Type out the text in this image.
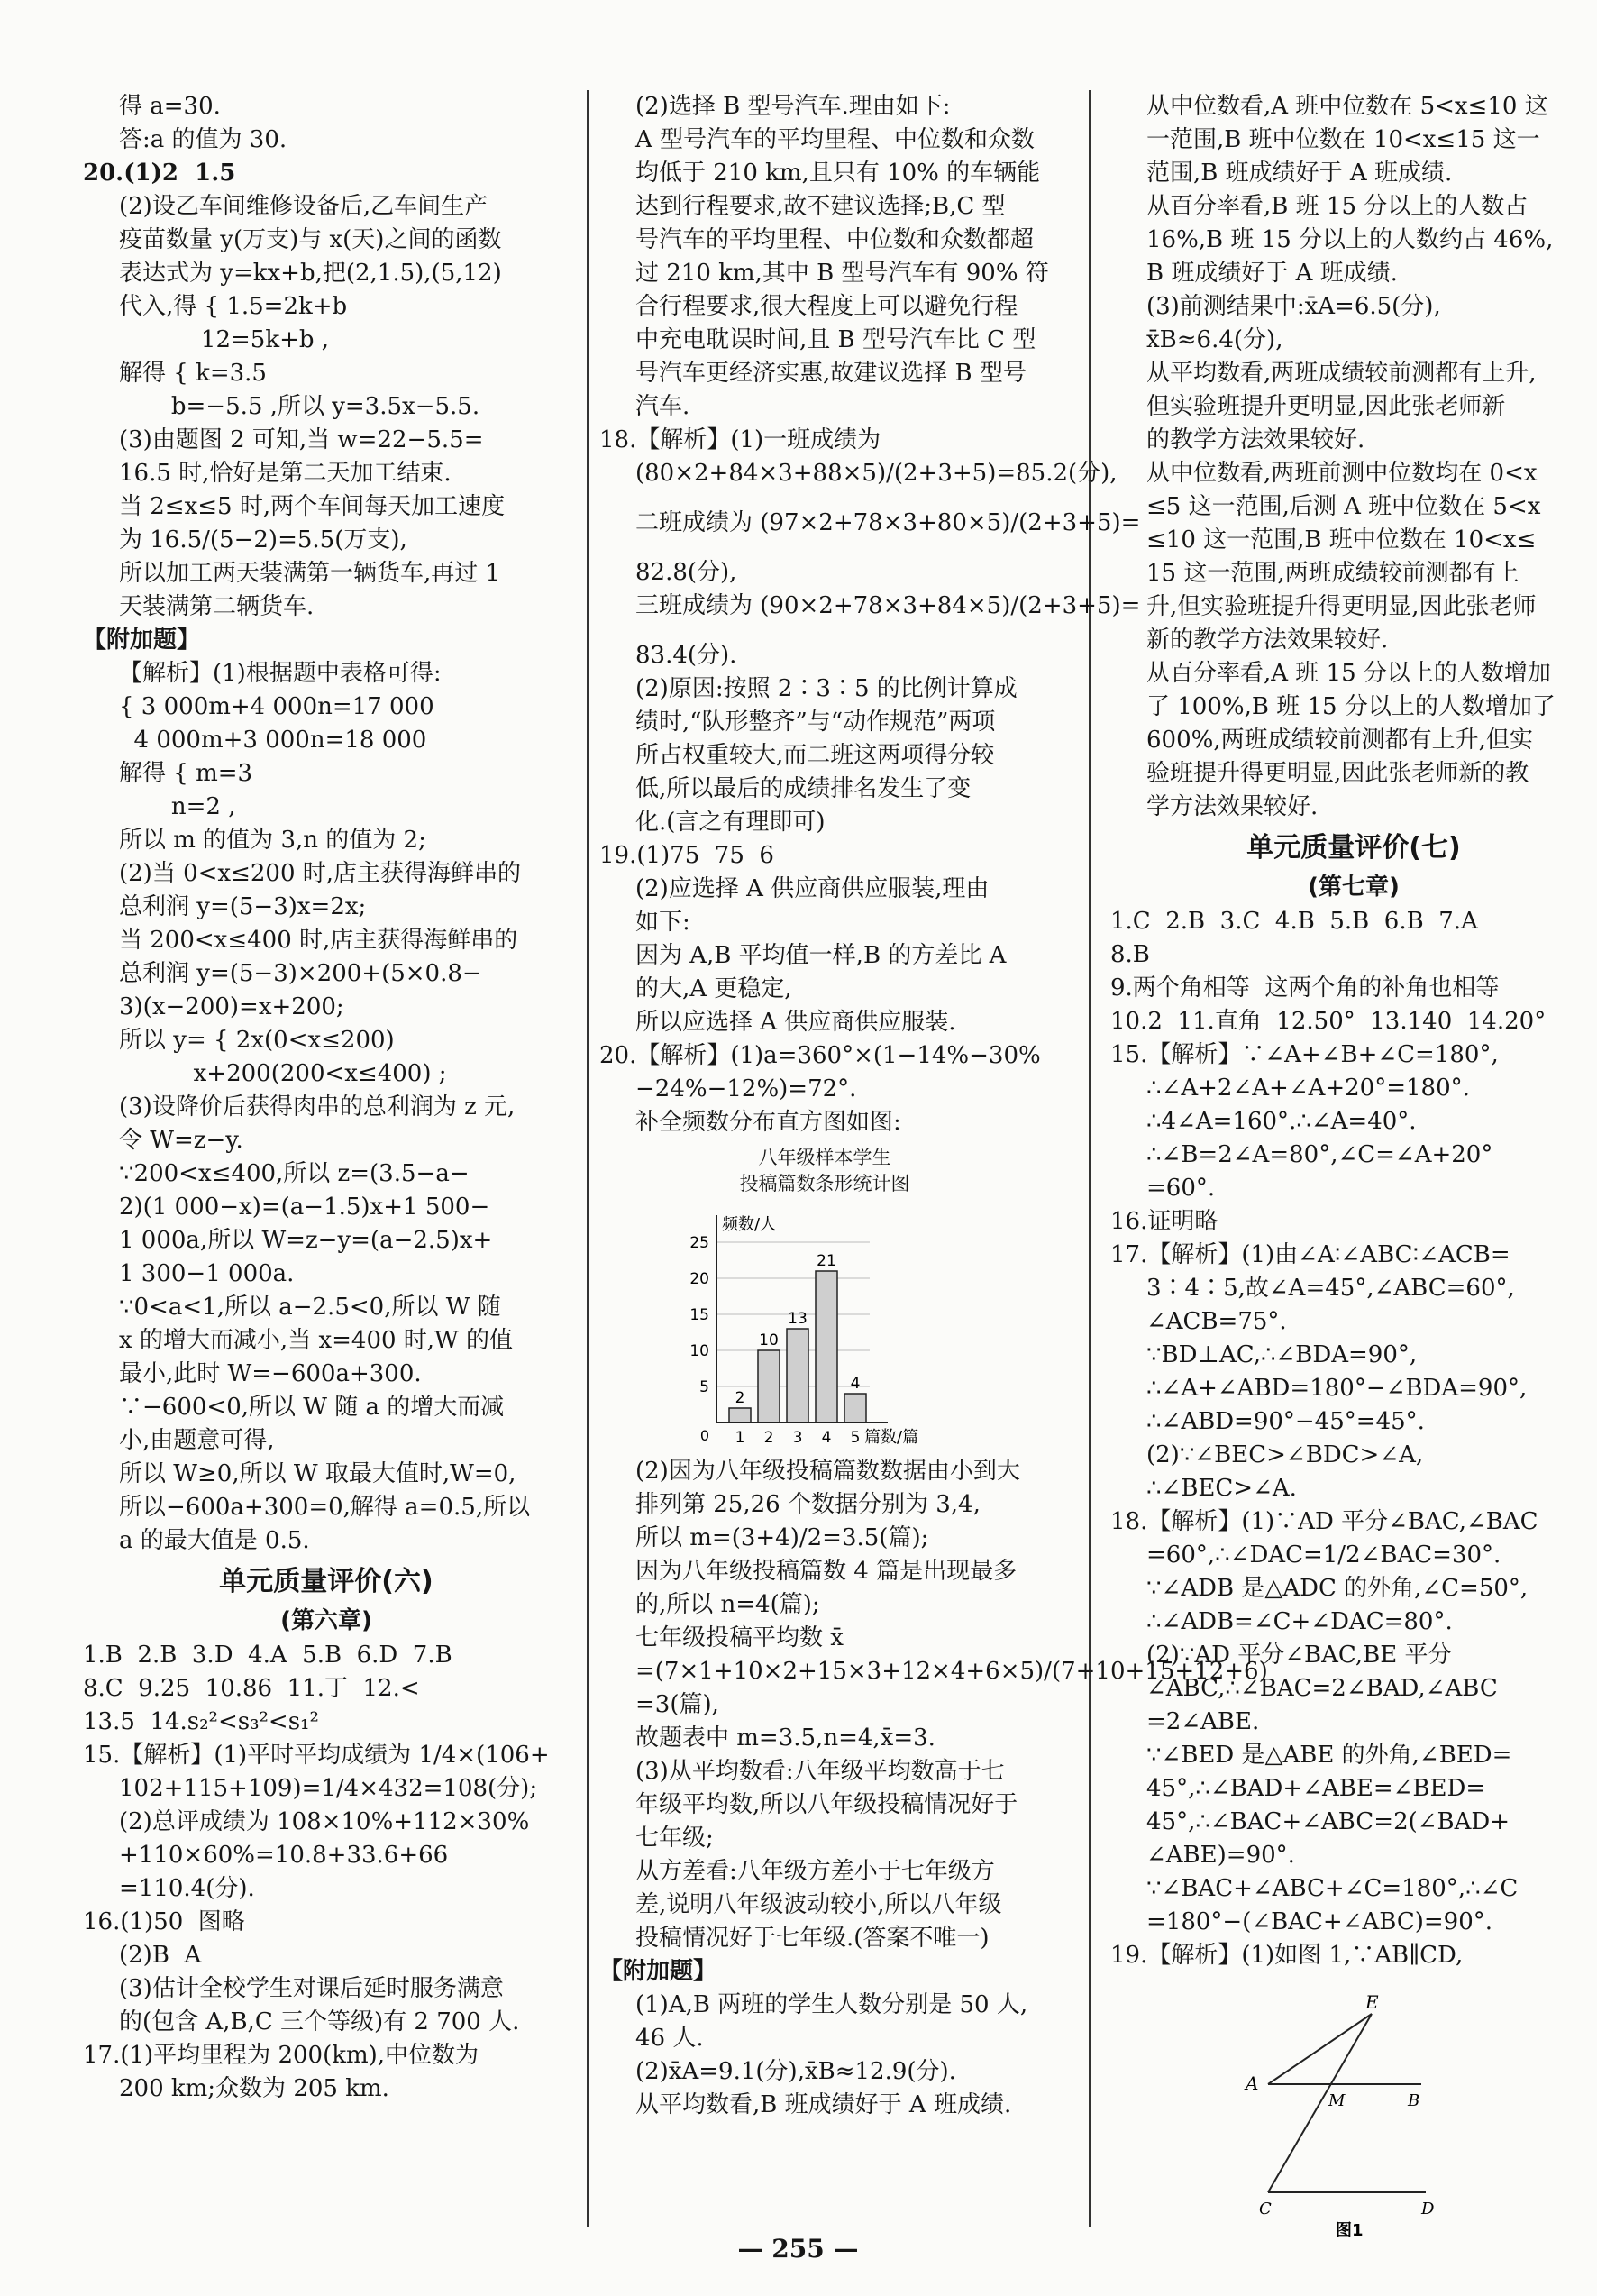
得 a=30.
答:a 的值为 30.
20.(1)2  1.5
(2)设乙车间维修设备后,乙车间生产
疫苗数量 y(万支)与 x(天)之间的函数
表达式为 y=kx+b,把(2,1.5),(5,12)
代入,得 { 1.5=2k+b
12=5k+b ,
解得 { k=3.5
b=−5.5 ,所以 y=3.5x−5.5.
(3)由题图 2 可知,当 w=22−5.5=
16.5 时,恰好是第二天加工结束.
当 2≤x≤5 时,两个车间每天加工速度
为 16.5/(5−2)=5.5(万支),
所以加工两天装满第一辆货车,再过 1
天装满第二辆货车.
【附加题】
【解析】(1)根据题中表格可得:
{ 3 000m+4 000n=17 000
4 000m+3 000n=18 000
解得 { m=3
n=2 ,
所以 m 的值为 3,n 的值为 2;
(2)当 0<x≤200 时,店主获得海鲜串的
总利润 y=(5−3)x=2x;
当 200<x≤400 时,店主获得海鲜串的
总利润 y=(5−3)×200+(5×0.8−
3)(x−200)=x+200;
所以 y= { 2x(0<x≤200)
x+200(200<x≤400) ;
(3)设降价后获得肉串的总利润为 z 元,
令 W=z−y.
∵200<x≤400,所以 z=(3.5−a−
2)(1 000−x)=(a−1.5)x+1 500−
1 000a,所以 W=z−y=(a−2.5)x+
1 300−1 000a.
∵0<a<1,所以 a−2.5<0,所以 W 随
x 的增大而减小,当 x=400 时,W 的值
最小,此时 W=−600a+300.
∵−600<0,所以 W 随 a 的增大而减
小,由题意可得,
所以 W≥0,所以 W 取最大值时,W=0,
所以−600a+300=0,解得 a=0.5,所以
a 的最大值是 0.5.
单元质量评价(六)
(第六章)
1.B  2.B  3.D  4.A  5.B  6.D  7.B
8.C  9.25  10.86  11.丁  12.<
13.5  14.s₂²<s₃²<s₁²
15.【解析】(1)平时平均成绩为 1/4×(106+
102+115+109)=1/4×432=108(分);
(2)总评成绩为 108×10%+112×30%
+110×60%=10.8+33.6+66
=110.4(分).
16.(1)50  图略
(2)B  A
(3)估计全校学生对课后延时服务满意
的(包含 A,B,C 三个等级)有 2 700 人.
17.(1)平均里程为 200(km),中位数为
200 km;众数为 205 km.
(2)选择 B 型号汽车.理由如下:
A 型号汽车的平均里程、中位数和众数
均低于 210 km,且只有 10% 的车辆能
达到行程要求,故不建议选择;B,C 型
号汽车的平均里程、中位数和众数都超
过 210 km,其中 B 型号汽车有 90% 符
合行程要求,很大程度上可以避免行程
中充电耽误时间,且 B 型号汽车比 C 型
号汽车更经济实惠,故建议选择 B 型号
汽车.
18.【解析】(1)一班成绩为
(80×2+84×3+88×5)/(2+3+5)=85.2(分),
二班成绩为 (97×2+78×3+80×5)/(2+3+5)=
82.8(分),
三班成绩为 (90×2+78×3+84×5)/(2+3+5)=
83.4(分).
(2)原因:按照 2∶3∶5 的比例计算成
绩时,“队形整齐”与“动作规范”两项
所占权重较大,而二班这两项得分较
低,所以最后的成绩排名发生了变
化.(言之有理即可)
19.(1)75  75  6
(2)应选择 A 供应商供应服装,理由
如下:
因为 A,B 平均值一样,B 的方差比 A
的大,A 更稳定,
所以应选择 A 供应商供应服装.
20.【解析】(1)a=360°×(1−14%−30%
−24%−12%)=72°.
补全频数分布直方图如图:
八年级样本学生
投稿篇数条形统计图
5
10
15
20
25
0
频数/人
篇数/篇
2
1
10
2
13
3
21
4
4
5
(2)因为八年级投稿篇数数据由小到大
排列第 25,26 个数据分别为 3,4,
所以 m=(3+4)/2=3.5(篇);
因为八年级投稿篇数 4 篇是出现最多
的,所以 n=4(篇);
七年级投稿平均数 x̄
=(7×1+10×2+15×3+12×4+6×5)/(7+10+15+12+6)
=3(篇),
故题表中 m=3.5,n=4,x̄=3.
(3)从平均数看:八年级平均数高于七
年级平均数,所以八年级投稿情况好于
七年级;
从方差看:八年级方差小于七年级方
差,说明八年级波动较小,所以八年级
投稿情况好于七年级.(答案不唯一)
【附加题】
(1)A,B 两班的学生人数分别是 50 人,
46 人.
(2)x̄A=9.1(分),x̄B≈12.9(分).
从平均数看,B 班成绩好于 A 班成绩.
从中位数看,A 班中位数在 5<x≤10 这
一范围,B 班中位数在 10<x≤15 这一
范围,B 班成绩好于 A 班成绩.
从百分率看,B 班 15 分以上的人数占
16%,B 班 15 分以上的人数约占 46%,
B 班成绩好于 A 班成绩.
(3)前测结果中:x̄A=6.5(分),
x̄B≈6.4(分),
从平均数看,两班成绩较前测都有上升,
但实验班提升更明显,因此张老师新
的教学方法效果较好.
从中位数看,两班前测中位数均在 0<x
≤5 这一范围,后测 A 班中位数在 5<x
≤10 这一范围,B 班中位数在 10<x≤
15 这一范围,两班成绩较前测都有上
升,但实验班提升得更明显,因此张老师
新的教学方法效果较好.
从百分率看,A 班 15 分以上的人数增加
了 100%,B 班 15 分以上的人数增加了
600%,两班成绩较前测都有上升,但实
验班提升得更明显,因此张老师新的教
学方法效果较好.
单元质量评价(七)
(第七章)
1.C  2.B  3.C  4.B  5.B  6.B  7.A
8.B
9.两个角相等  这两个角的补角也相等
10.2  11.直角  12.50°  13.140  14.20°
15.【解析】∵∠A+∠B+∠C=180°,
∴∠A+2∠A+∠A+20°=180°.
∴4∠A=160°.∴∠A=40°.
∴∠B=2∠A=80°,∠C=∠A+20°
=60°.
16.证明略
17.【解析】(1)由∠A∶∠ABC∶∠ACB=
3∶4∶5,故∠A=45°,∠ABC=60°,
∠ACB=75°.
∵BD⊥AC,∴∠BDA=90°,
∴∠A+∠ABD=180°−∠BDA=90°,
∴∠ABD=90°−45°=45°.
(2)∵∠BEC>∠BDC>∠A,
∴∠BEC>∠A.
18.【解析】(1)∵AD 平分∠BAC,∠BAC
=60°,∴∠DAC=1/2∠BAC=30°.
∵∠ADB 是△ADC 的外角,∠C=50°,
∴∠ADB=∠C+∠DAC=80°.
(2)∵AD 平分∠BAC,BE 平分
∠ABC,∴∠BAC=2∠BAD,∠ABC
=2∠ABE.
∵∠BED 是△ABE 的外角,∠BED=
45°,∴∠BAD+∠ABE=∠BED=
45°,∴∠BAC+∠ABC=2(∠BAD+
∠ABE)=90°.
∵∠BAC+∠ABC+∠C=180°,∴∠C
=180°−(∠BAC+∠ABC)=90°.
19.【解析】(1)如图 1,∵AB∥CD,
E
A
M	B
C	D
图1
— 255 —
